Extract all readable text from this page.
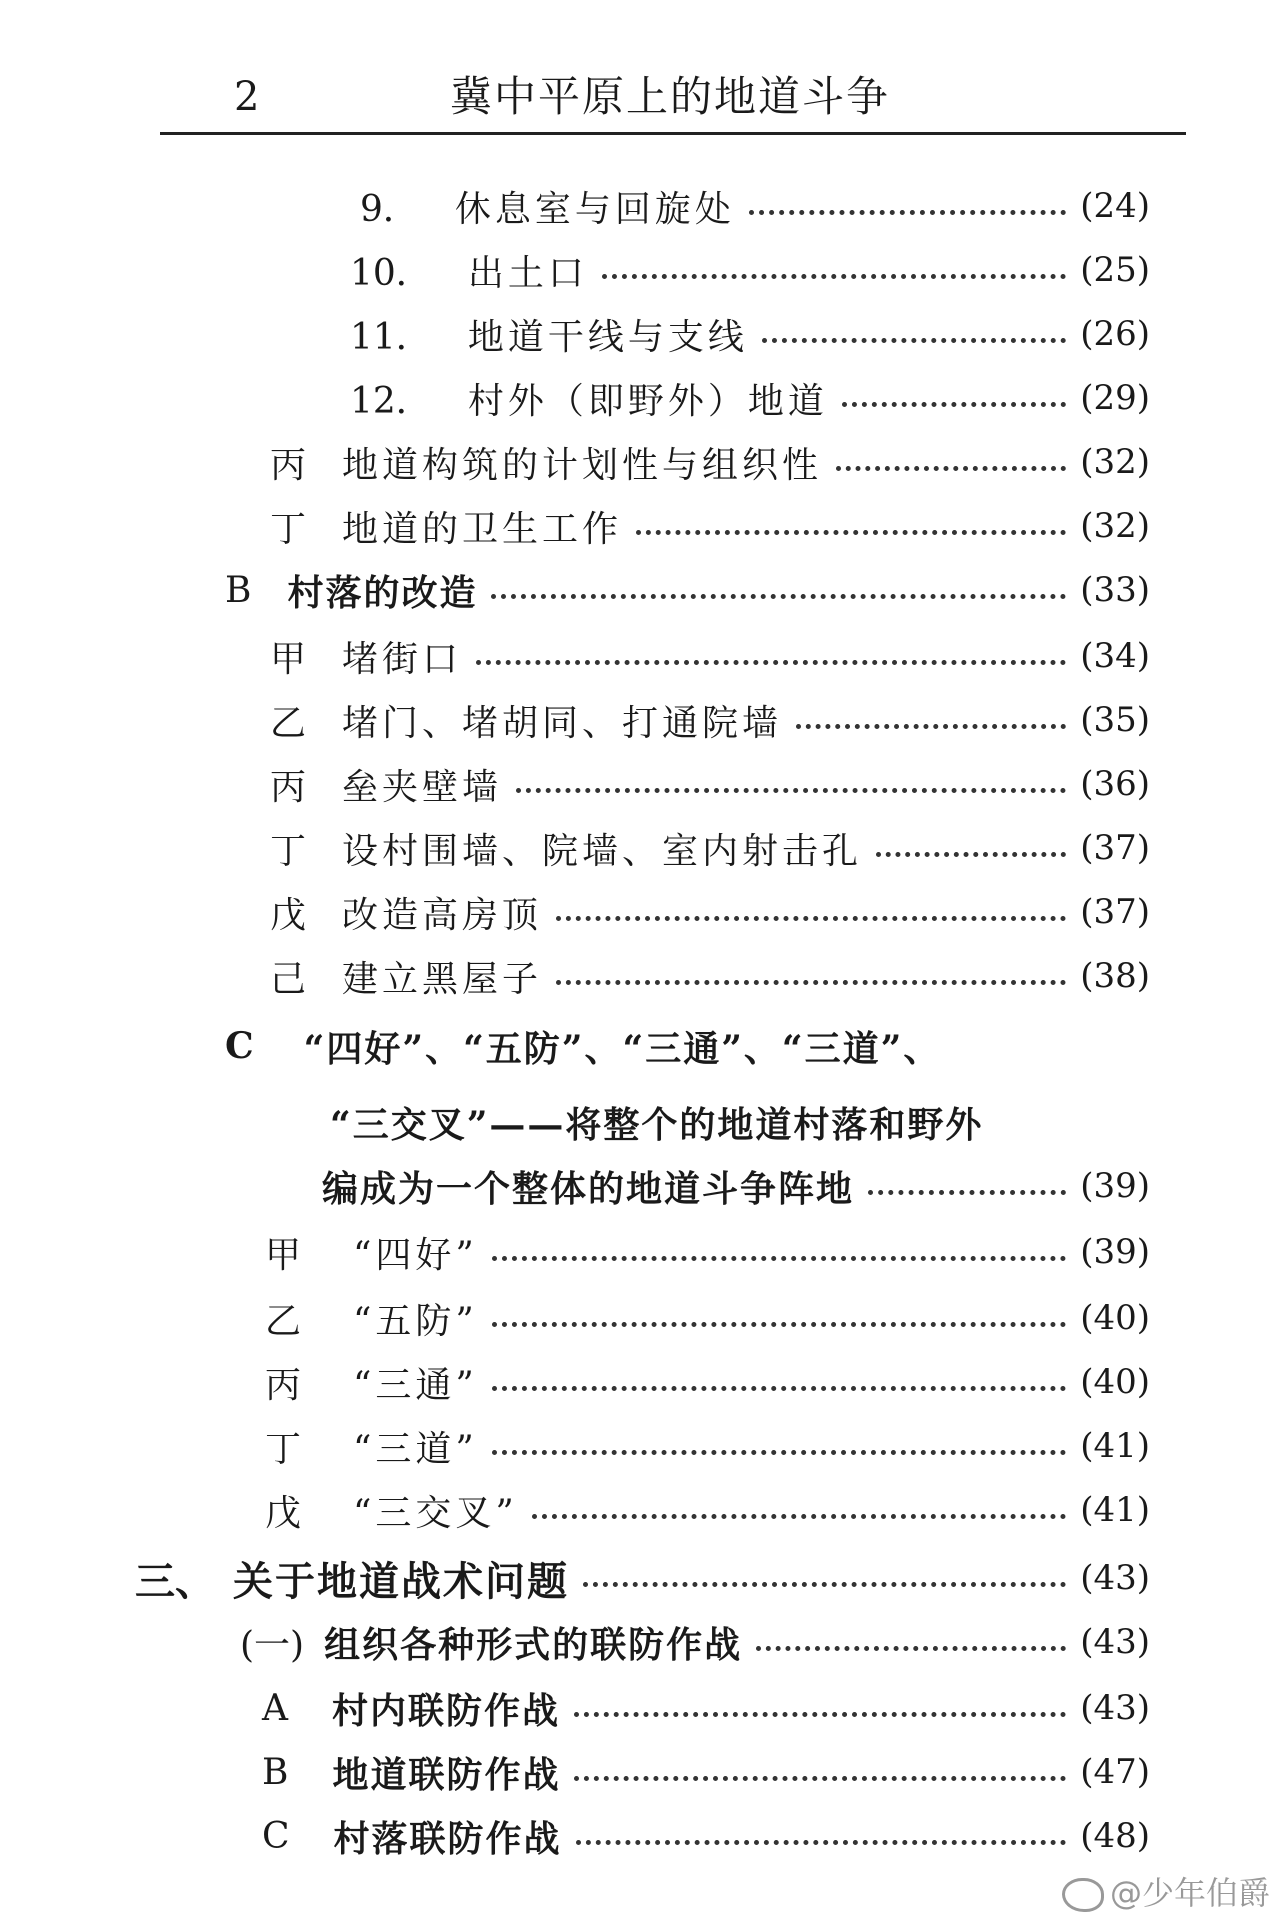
2	冀中平原上的地道斗争
9． 休息室与回旋处	(24)
10． 出土口	(25)
11． 地道干线与支线	(26)
12． 村外（即野外）地道	(29)
丙 地道构筑的计划性与组织性	(32)
丁 地道的卫生工作	(32)
B 村落的改造	(33)
甲 堵街口	(34)
乙 堵门、堵胡同、打通院墙	(35)
丙 垒夹壁墙	(36)
丁 设村围墙、院墙、室内射击孔	(37)
戊 改造高房顶	(37)
己 建立黑屋子	(38)
C “四好”、“五防”、“三通”、“三道”、
“三交叉”——将整个的地道村落和野外
编成为一个整体的地道斗争阵地	(39)
甲 “四好”	(39)
乙 “五防”	(40)
丙 “三通”	(40)
丁 “三道”	(41)
戊 “三交叉”	(41)
三、 关于地道战术问题	(43)
(一) 组织各种形式的联防作战	(43)
A 村内联防作战	(43)
B 地道联防作战	(47)
C 村落联防作战	(48)
@少年伯爵
